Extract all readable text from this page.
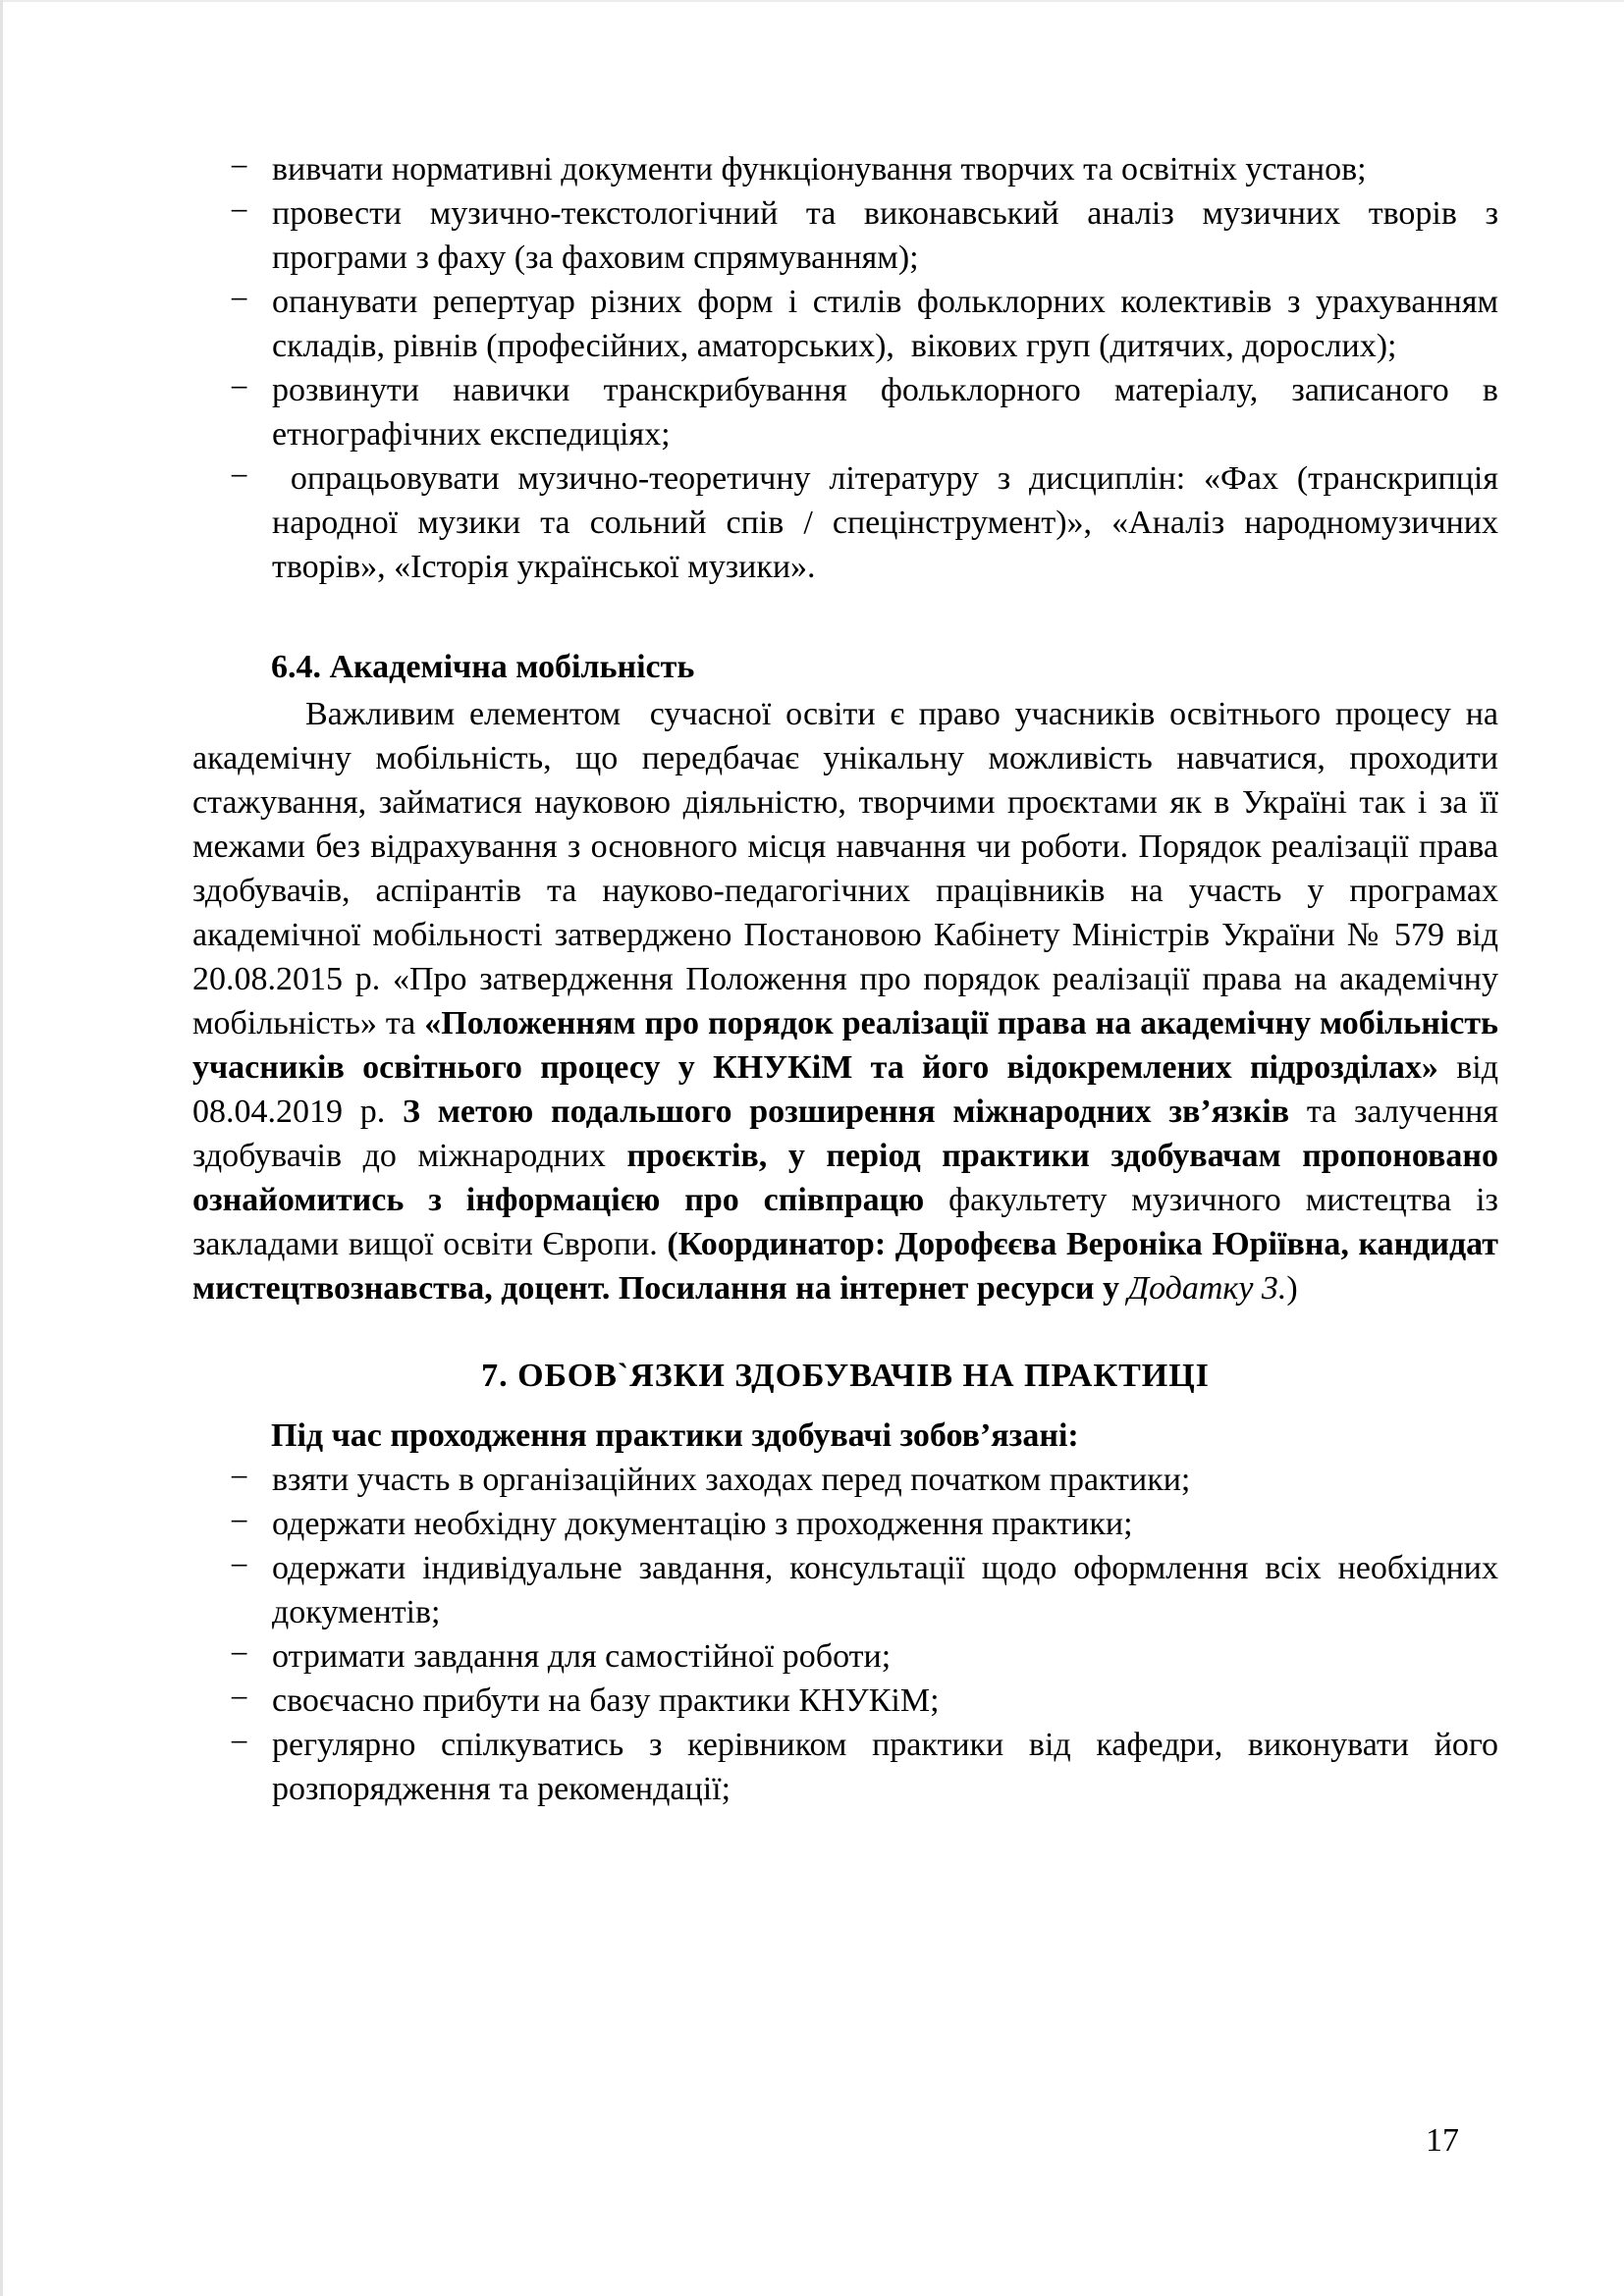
− вивчати нормативні документи функціонування творчих та освітніх установ;
− провести музично-текстологічний та виконавський аналіз музичних творів з програми з фаху (за фаховим спрямуванням);
− опанувати репертуар різних форм і стилів фольклорних колективів з урахуванням складів, рівнів (професійних, аматорських),  вікових груп (дитячих, дорослих);
− розвинути навички транскрибування фольклорного матеріалу, записаного в етнографічних експедиціях;
− опрацьовувати музично-теоретичну літературу з дисциплін: «Фах (транскрипція народної музики та сольний спів / спецінструмент)», «Аналіз народномузичних творів», «Історія української музики».
6.4. Академічна мобільність
Важливим елементом  сучасної освіти є право учасників освітнього процесу на академічну мобільність, що передбачає унікальну можливість навчатися, проходити стажування, займатися науковою діяльністю, творчими проєктами як в Україні так і за її межами без відрахування з основного місця навчання чи роботи. Порядок реалізації права здобувачів, аспірантів та науково-педагогічних працівників на участь у програмах академічної мобільності затверджено Постановою Кабінету Міністрів України № 579 від 20.08.2015 р. «Про затвердження Положення про порядок реалізації права на академічну мобільність» та «Положенням про порядок реалізації права на академічну мобільність учасників освітнього процесу у КНУКіМ та його відокремлених підрозділах» від 08.04.2019 р. З метою подальшого розширення міжнародних зв’язків та залучення здобувачів до міжнародних проєктів, у період практики здобувачам пропоновано ознайомитись з інформацією про співпрацю факультету музичного мистецтва із закладами вищої освіти Європи. (Координатор: Дорофєєва Вероніка Юріївна, кандидат мистецтвознавства, доцент. Посилання на інтернет ресурси у Додатку 3.)
7. ОБОВ`ЯЗКИ ЗДОБУВАЧІВ НА ПРАКТИЦІ
Під час проходження практики здобувачі зобов’язані:
− взяти участь в організаційних заходах перед початком практики;
− одержати необхідну документацію з проходження практики;
− одержати індивідуальне завдання, консультації щодо оформлення всіх необхідних документів;
− отримати завдання для самостійної роботи;
− своєчасно прибути на базу практики КНУКіМ;
− регулярно спілкуватись з керівником практики від кафедри, виконувати його розпорядження та рекомендації;
17
